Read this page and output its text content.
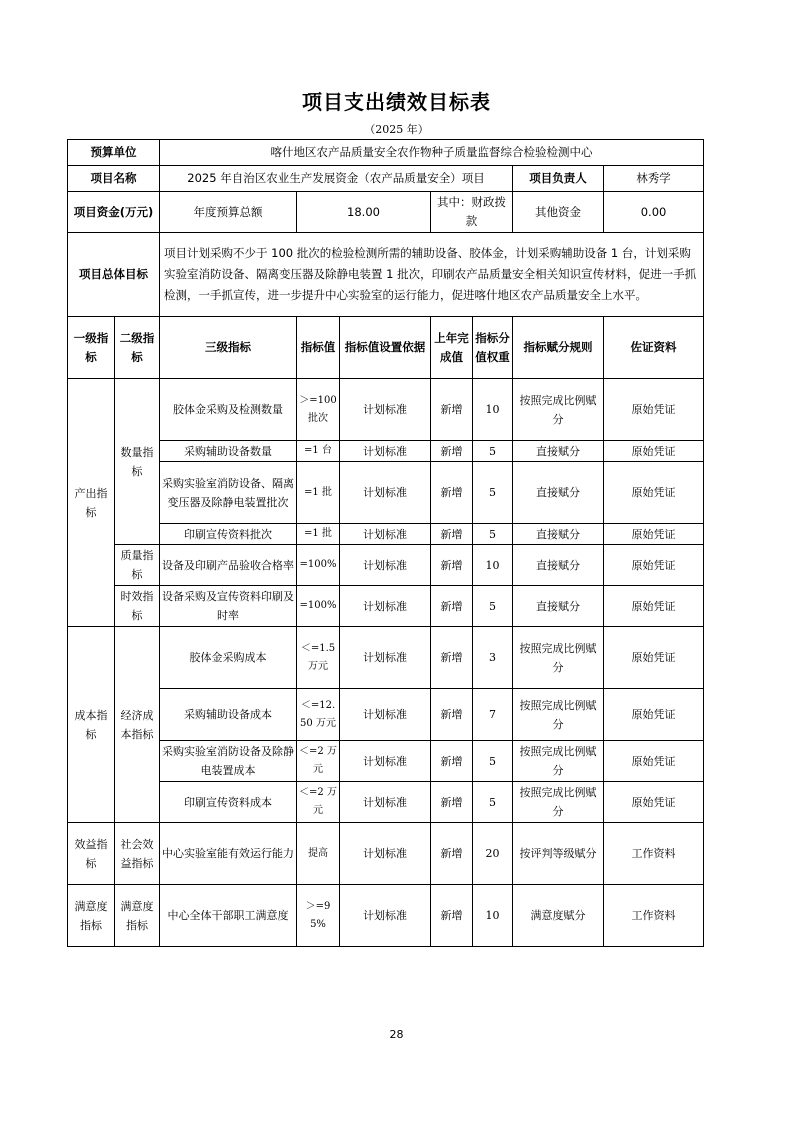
项目支出绩效目标表
（2025 年）
预算单位		喀什地区农产品质量安全农作物种子质量监督综合检验检测中心						
项目名称		2025 年自治区农业生产发展资金（农产品质量安全）项目					项目负责人	林秀学
项目资金(万元)		年度预算总额	18.00		其中：财政拨款		其他资金	0.00
项目总体目标		项目计划采购不少于 100 批次的检验检测所需的辅助设备、胶体金，计划采购辅助设备 1 台，计划采购实验室消防设备、隔离变压器及除静电装置 1 批次，印刷农产品质量安全相关知识宣传材料，促进一手抓检测，一手抓宣传，进一步提升中心实验室的运行能力，促进喀什地区农产品质量安全上水平。						
一级指标	二级指标	三级指标	指标值	指标值设置依据	上年完成值	指标分值权重	指标赋分规则	佐证资料
产出指标	数量指标	胶体金采购及检测数量	＞=100 批次	计划标准	新增	10	按照完成比例赋分	原始凭证
		采购辅助设备数量	=1 台	计划标准	新增	5	直接赋分	原始凭证
		采购实验室消防设备、隔离变压器及除静电装置批次	=1 批	计划标准	新增	5	直接赋分	原始凭证
		印刷宣传资料批次	=1 批	计划标准	新增	5	直接赋分	原始凭证
	质量指标	设备及印刷产品验收合格率	=100%	计划标准	新增	10	直接赋分	原始凭证
	时效指标	设备采购及宣传资料印刷及时率	=100%	计划标准	新增	5	直接赋分	原始凭证
成本指标	经济成本指标	胶体金采购成本	＜=1.5 万元	计划标准	新增	3	按照完成比例赋分	原始凭证
		采购辅助设备成本	＜=12.50 万元	计划标准	新增	7	按照完成比例赋分	原始凭证
		采购实验室消防设备及除静电装置成本	＜=2 万元	计划标准	新增	5	按照完成比例赋分	原始凭证
		印刷宣传资料成本	＜=2 万元	计划标准	新增	5	按照完成比例赋分	原始凭证
效益指标	社会效益指标	中心实验室能有效运行能力	提高	计划标准	新增	20	按评判等级赋分	工作资料
满意度指标	满意度指标	中心全体干部职工满意度	＞=95%	计划标准	新增	10	满意度赋分	工作资料
28
